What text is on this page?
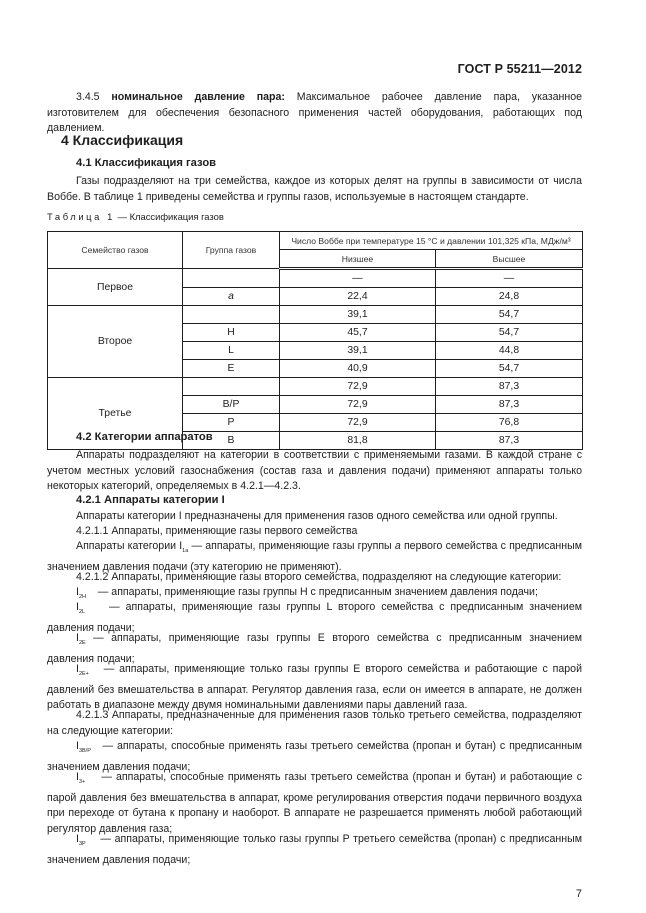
ГОСТ Р 55211—2012
3.4.5 номинальное давление пара: Максимальное рабочее давление пара, указанное изготовителем для обеспечения безопасного применения частей оборудования, работающих под давлением.
4 Классификация
4.1 Классификация газов
Газы подразделяют на три семейства, каждое из которых делят на группы в зависимости от числа Воббе. В таблице 1 приведены семейства и группы газов, используемые в настоящем стандарте.
Таблица 1 — Классификация газов
Семейство газов	Группа газов	Число Воббе при температуре 15 °С и давлении 101,325 кПа, МДж/м³	
		Низшее	Высшее
Первое		—	—
	a	22,4	24,8
Второе		39,1	54,7
	H	45,7	54,7
	L	39,1	44,8
	E	40,9	54,7
Третье		72,9	87,3
	B/P	72,9	87,3
	P	72,9	76,8
	B	81,8	87,3
4.2 Категории аппаратов
Аппараты подразделяют на категории в соответствии с применяемыми газами. В каждой стране с учетом местных условий газоснабжения (состав газа и давления подачи) применяют аппараты только некоторых категорий, определяемых в 4.2.1—4.2.3.
4.2.1 Аппараты категории I
Аппараты категории I предназначены для применения газов одного семейства или одной группы.
4.2.1.1 Аппараты, применяющие газы первого семейства
Аппараты категории $I_{1a}$ — аппараты, применяющие газы группы a первого семейства с предписанным значением давления подачи (эту категорию не применяют).
4.2.1.2 Аппараты, применяющие газы второго семейства, подразделяют на следующие категории:
$I_{2H}$ — аппараты, применяющие газы группы H с предписанным значением давления подачи;
$I_{2L}$ — аппараты, применяющие газы группы L второго семейства с предписанным значением давления подачи;
$I_{2E}$ — аппараты, применяющие газы группы E второго семейства с предписанным значением давления подачи;
$I_{2E+}$ — аппараты, применяющие только газы группы E второго семейства и работающие с парой давлений без вмешательства в аппарат. Регулятор давления газа, если он имеется в аппарате, не должен работать в диапазоне между двумя номинальными давлениями пары давлений газа.
4.2.1.3 Аппараты, предназначенные для применения газов только третьего семейства, подразделяют на следующие категории:
$I_{3B/P}$ — аппараты, способные применять газы третьего семейства (пропан и бутан) с предписанным значением давления подачи;
$I_{3+}$ — аппараты, способные применять газы третьего семейства (пропан и бутан) и работающие с парой давления без вмешательства в аппарат, кроме регулирования отверстия подачи первичного воздуха при переходе от бутана к пропану и наоборот. В аппарате не разрешается применять любой работающий регулятор давления газа;
$I_{3P}$ — аппараты, применяющие только газы группы P третьего семейства (пропан) с предписанным значением давления подачи;
7
